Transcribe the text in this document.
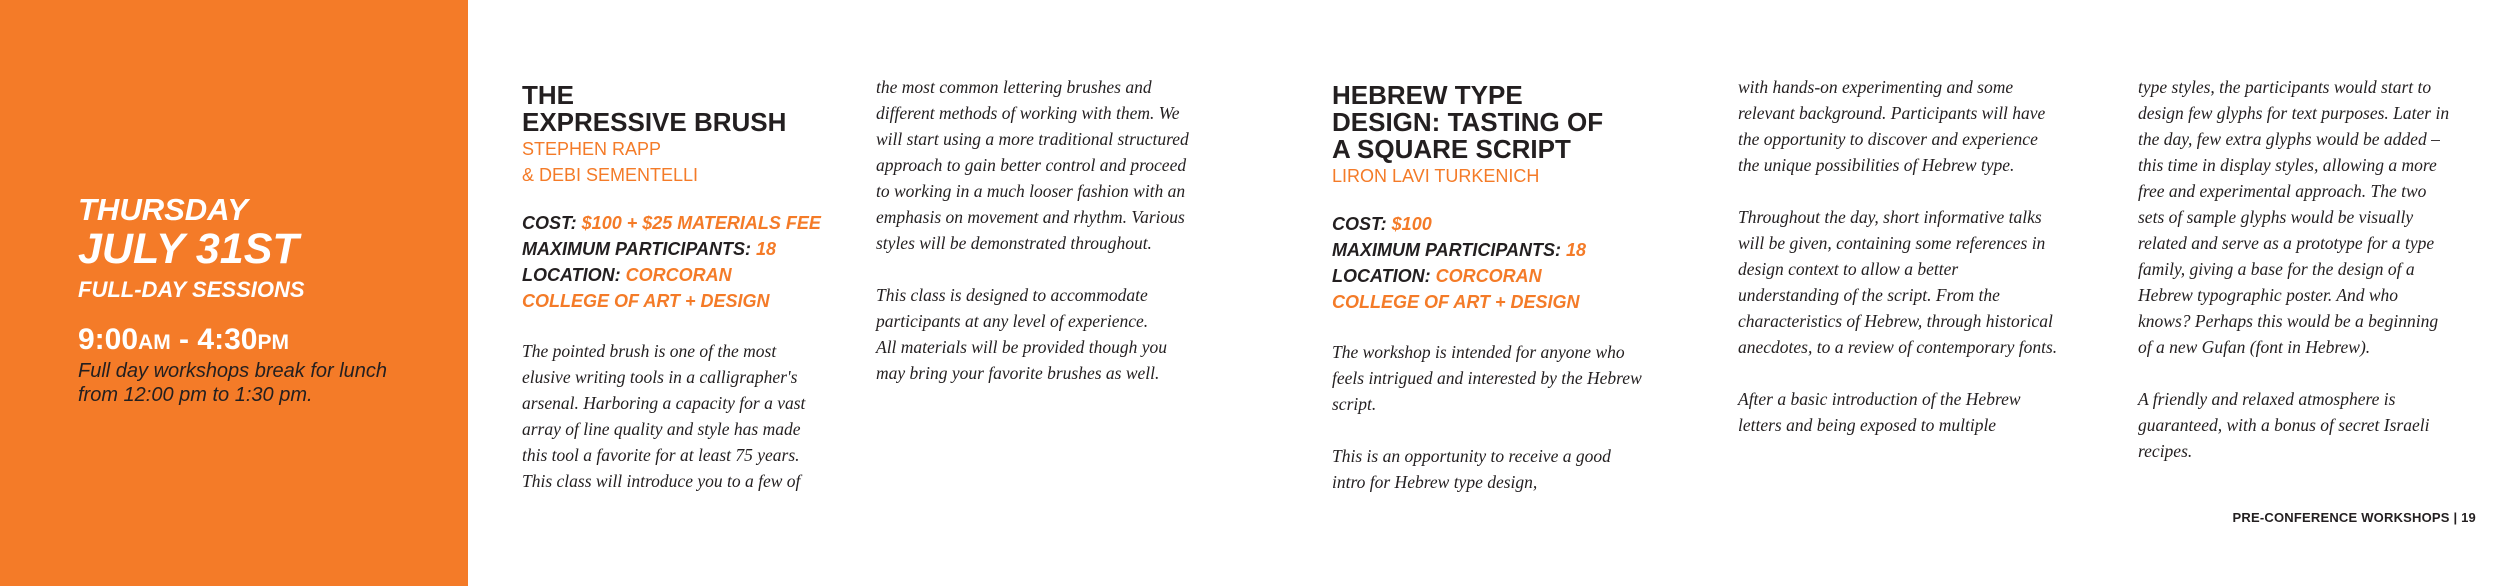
THURSDAY
JULY 31ST
FULL-DAY SESSIONS
9:00AM - 4:30PM
Full day workshops break for lunch from 12:00 pm to 1:30 pm.
THE
EXPRESSIVE BRUSH
STEPHEN RAPP
& DEBI SEMENTELLI
COST: $100 + $25 MATERIALS FEE
MAXIMUM PARTICIPANTS: 18
LOCATION: CORCORAN COLLEGE OF ART + DESIGN

The pointed brush is one of the most elusive writing tools in a calligrapher's arsenal. Harboring a capacity for a vast array of line quality and style has made this tool a favorite for at least 75 years. This class will introduce you to a few of

the most common lettering brushes and different methods of working with them. We will start using a more traditional structured approach to gain better control and proceed to working in a much looser fashion with an emphasis on movement and rhythm. Various styles will be demonstrated throughout.

This class is designed to accommodate participants at any level of experience. All materials will be provided though you may bring your favorite brushes as well.

HEBREW TYPE
DESIGN: TASTING OF
A SQUARE SCRIPT
LIRON LAVI TURKENICH
COST: $100
MAXIMUM PARTICIPANTS: 18
LOCATION: CORCORAN COLLEGE OF ART + DESIGN

The workshop is intended for anyone who feels intrigued and interested by the Hebrew script.

This is an opportunity to receive a good intro for Hebrew type design,

with hands-on experimenting and some relevant background. Participants will have the opportunity to discover and experience the unique possibilities of Hebrew type.

Throughout the day, short informative talks will be given, containing some references in design context to allow a better understanding of the script. From the characteristics of Hebrew, through historical anecdotes, to a review of contemporary fonts.

After a basic introduction of the Hebrew letters and being exposed to multiple

type styles, the participants would start to design few glyphs for text purposes. Later in the day, few extra glyphs would be added – this time in display styles, allowing a more free and experimental approach. The two sets of sample glyphs would be visually related and serve as a prototype for a type family, giving a base for the design of a Hebrew typographic poster. And who knows? Perhaps this would be a beginning of a new Gufan (font in Hebrew).

A friendly and relaxed atmosphere is guaranteed, with a bonus of secret Israeli recipes.

PRE-CONFERENCE WORKSHOPS | 19
